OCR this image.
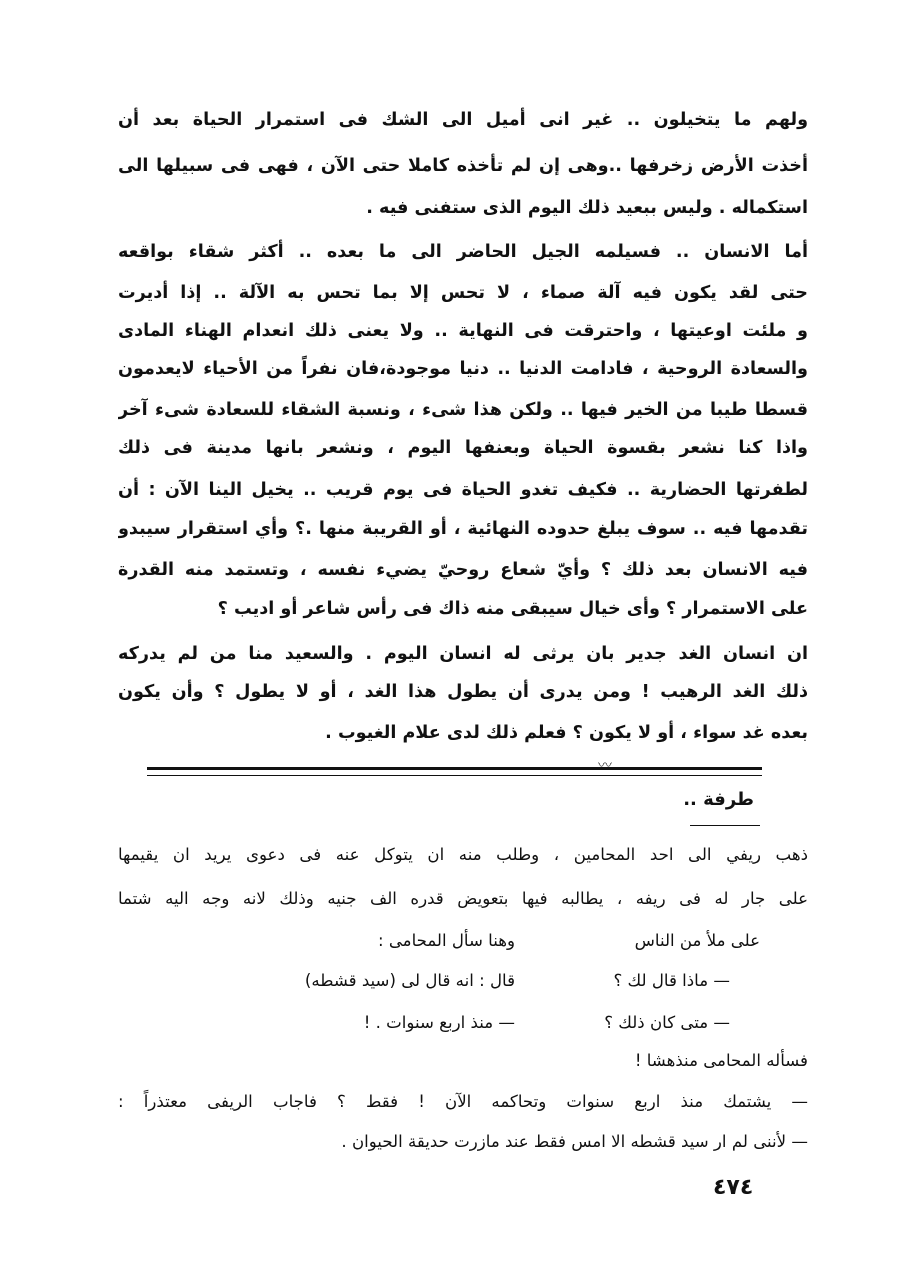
ولهم ما يتخيلون .. غير انى أميل الى الشك فى استمرار الحياة بعد أن
أخذت الأرض زخرفها ..وهى إن لم تأخذه كاملا حتى الآن ، فهى فى سبيلها الى
استكماله . وليس ببعيد ذلك اليوم الذى ستفنى فيه .
أما الانسان .. فسيلمه الجيل الحاضر الى ما بعده .. أكثر شقاء بواقعه
حتى لقد يكون فيه آلة صماء ، لا تحس إلا بما تحس به الآلة .. إذا أديرت
و ملئت اوعيتها ، واحترقت فى النهاية .. ولا يعنى ذلك انعدام الهناء المادى
والسعادة الروحية ، فادامت الدنيا .. دنيا موجودة،فان نفراً من الأحياء لايعدمون
قسطا طيبا من الخير فيها .. ولكن هذا شىء ، ونسبة الشقاء للسعادة شىء آخر
واذا كنا نشعر بقسوة الحياة وبعنفها اليوم ، ونشعر بانها مدينة فى ذلك
لطفرتها الحضارية .. فكيف تغدو الحياة فى يوم قريب .. يخيل الينا الآن : أن
تقدمها فيه .. سوف يبلغ حدوده النهائية ، أو القريبة منها .؟ وأي استقرار سيبدو
فيه الانسان بعد ذلك ؟ وأيّ شعاع روحيّ يضيء نفسه ، وتستمد منه القدرة
على الاستمرار ؟ وأى خيال سيبقى منه ذاك فى رأس شاعر أو اديب ؟
ان انسان الغد جدير بان يرثى له انسان اليوم . والسعيد منا من لم يدركه
ذلك الغد الرهيب ! ومن يدرى أن يطول هذا الغد ، أو لا يطول ؟ وأن يكون
بعده غد سواء ، أو لا يكون ؟ فعلم ذلك لدى علام الغيوب .
〰
طرفة ..
ذهب ريفي الى احد المحامين ، وطلب منه ان يتوكل عنه فى دعوى يريد ان يقيمها
على جار له فى ريفه ، يطالبه فيها بتعويض قدره الف جنيه وذلك لانه وجه اليه شتما
على ملأ من الناس
وهنا سأل المحامى :
— ماذا قال لك ؟
قال : انه قال لى (سيد قشطه)
— متى كان ذلك ؟
— منذ اربع سنوات . !
فسأله المحامى منذهشا !
— يشتمك منذ اربع سنوات وتحاكمه الآن ! فقط ؟ فاجاب الريفى معتذراً :
— لأننى لم ار سيد قشطه الا امس فقط عند مازرت حديقة الحيوان .
٤٧٤
